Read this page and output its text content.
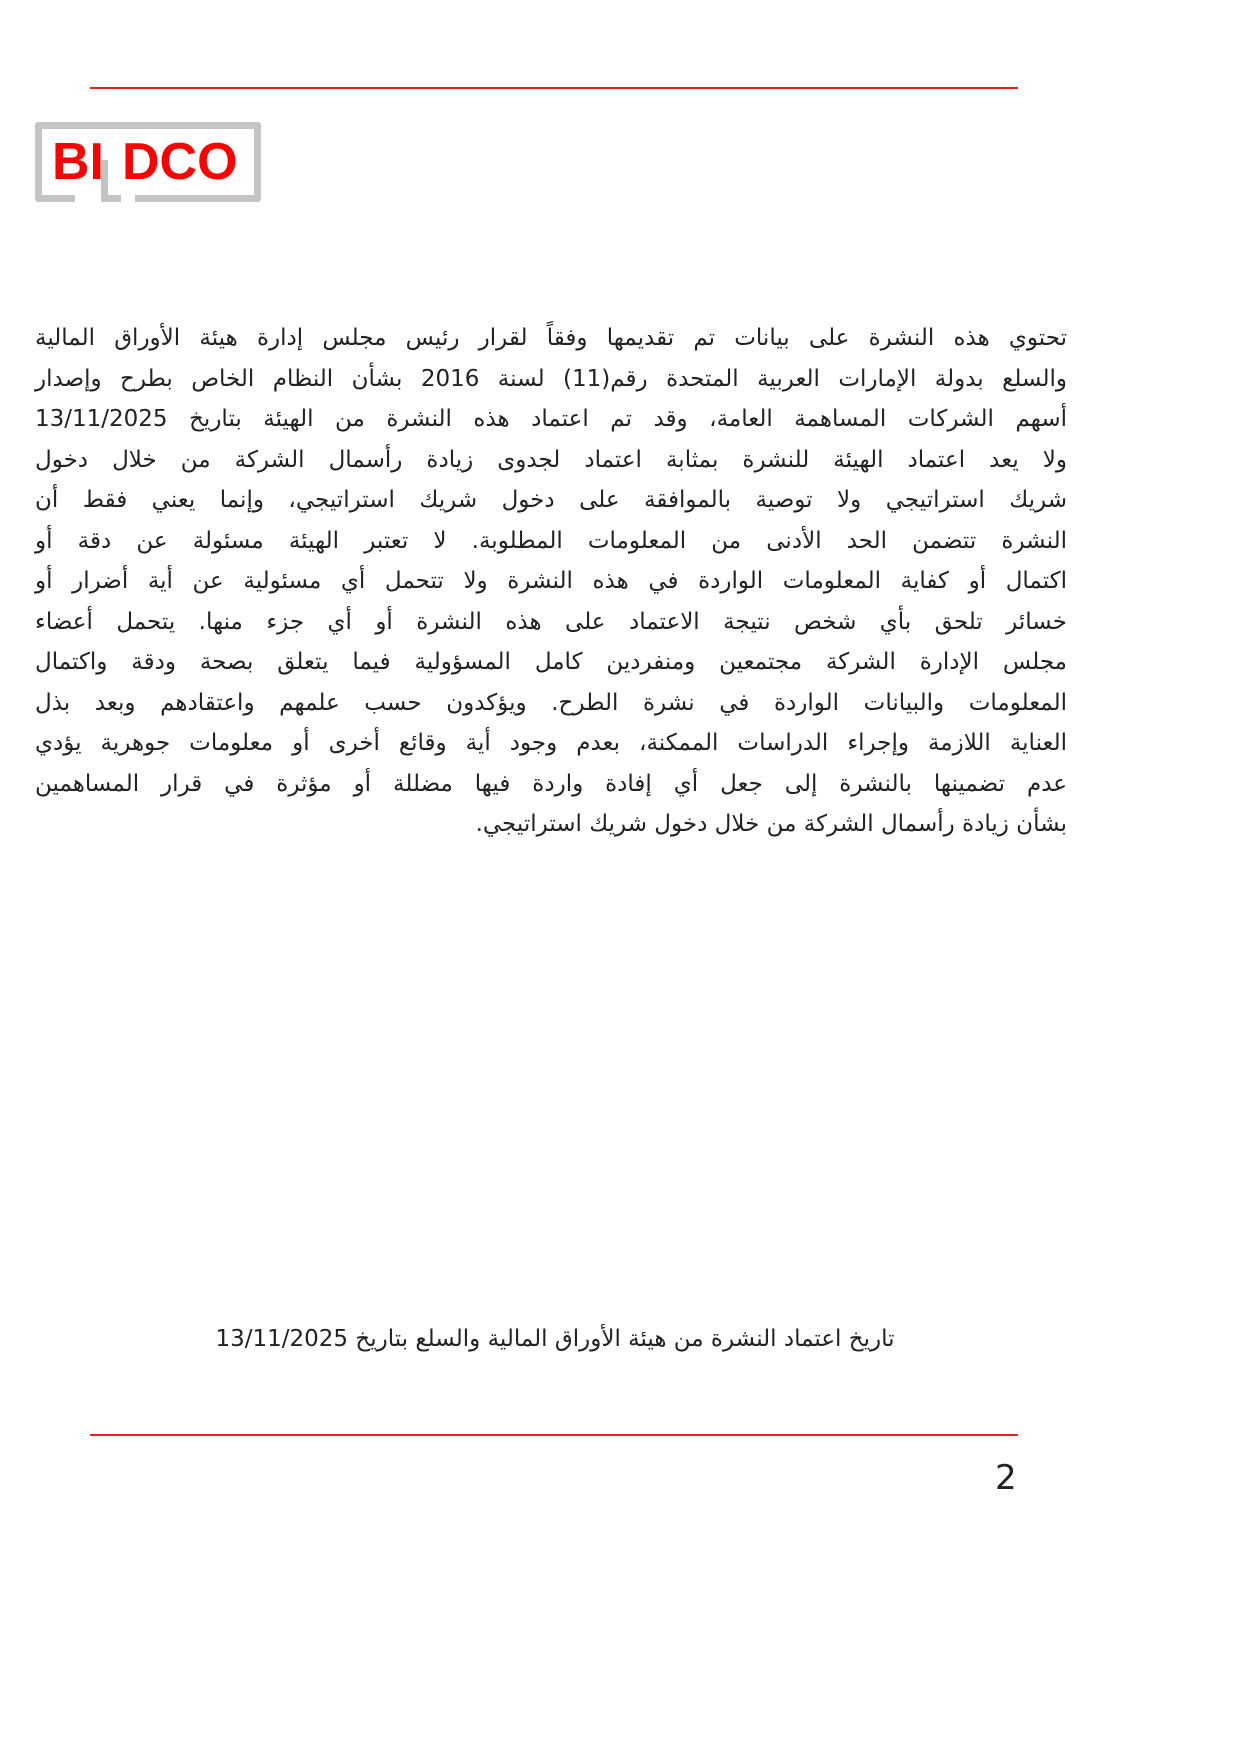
BI DCO
تحتوي هذه النشرة على بيانات تم تقديمها وفقاً لقرار رئيس مجلس إدارة هيئة الأوراق المالية
والسلع بدولة الإمارات العربية المتحدة رقم(11) لسنة 2016 بشأن النظام الخاص بطرح وإصدار
أسهم الشركات المساهمة العامة، وقد تم اعتماد هذه النشرة من الهيئة بتاريخ 13/11/2025
ولا يعد اعتماد الهيئة للنشرة بمثابة اعتماد لجدوى زيادة رأسمال الشركة من خلال دخول
شريك استراتيجي ولا توصية بالموافقة على دخول شريك استراتيجي، وإنما يعني فقط أن
النشرة تتضمن الحد الأدنى من المعلومات المطلوبة. لا تعتبر الهيئة مسئولة عن دقة أو
اكتمال أو كفاية المعلومات الواردة في هذه النشرة ولا تتحمل أي مسئولية عن أية أضرار أو
خسائر تلحق بأي شخص نتيجة الاعتماد على هذه النشرة أو أي جزء منها. يتحمل أعضاء
مجلس الإدارة الشركة مجتمعين ومنفردين كامل المسؤولية فيما يتعلق بصحة ودقة واكتمال
المعلومات والبيانات الواردة في نشرة الطرح. ويؤكدون حسب علمهم واعتقادهم وبعد بذل
العناية اللازمة وإجراء الدراسات الممكنة، بعدم وجود أية وقائع أخرى أو معلومات جوهرية يؤدي
عدم تضمينها بالنشرة إلى جعل أي إفادة واردة فيها مضللة أو مؤثرة في قرار المساهمين
بشأن زيادة رأسمال الشركة من خلال دخول شريك استراتيجي.
تاريخ اعتماد النشرة من هيئة الأوراق المالية والسلع بتاريخ 13/11/2025
2
